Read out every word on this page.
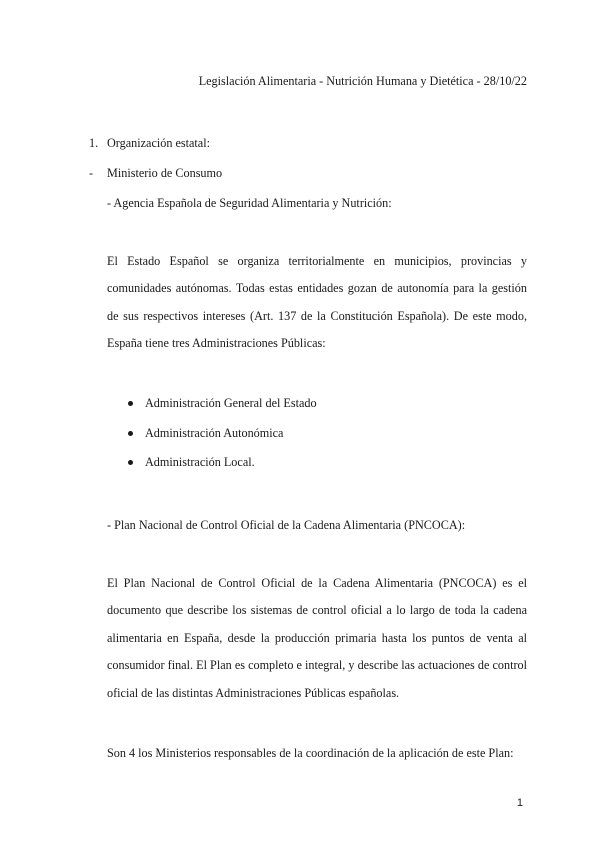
Legislación Alimentaria - Nutrición Humana y Dietética - 28/10/22
1. Organización estatal:
- Ministerio de Consumo
- Agencia Española de Seguridad Alimentaria y Nutrición:
El Estado Español se organiza territorialmente en municipios, provincias y comunidades autónomas. Todas estas entidades gozan de autonomía para la gestión de sus respectivos intereses (Art. 137 de la Constitución Española). De este modo, España tiene tres Administraciones Públicas:
Administración General del Estado
Administración Autonómica
Administración Local.
- Plan Nacional de Control Oficial de la Cadena Alimentaria (PNCOCA):
El Plan Nacional de Control Oficial de la Cadena Alimentaria (PNCOCA) es el documento que describe los sistemas de control oficial a lo largo de toda la cadena alimentaria en España, desde la producción primaria hasta los puntos de venta al consumidor final. El Plan es completo e integral, y describe las actuaciones de control oficial de las distintas Administraciones Públicas españolas.
Son 4 los Ministerios responsables de la coordinación de la aplicación de este Plan:
1
